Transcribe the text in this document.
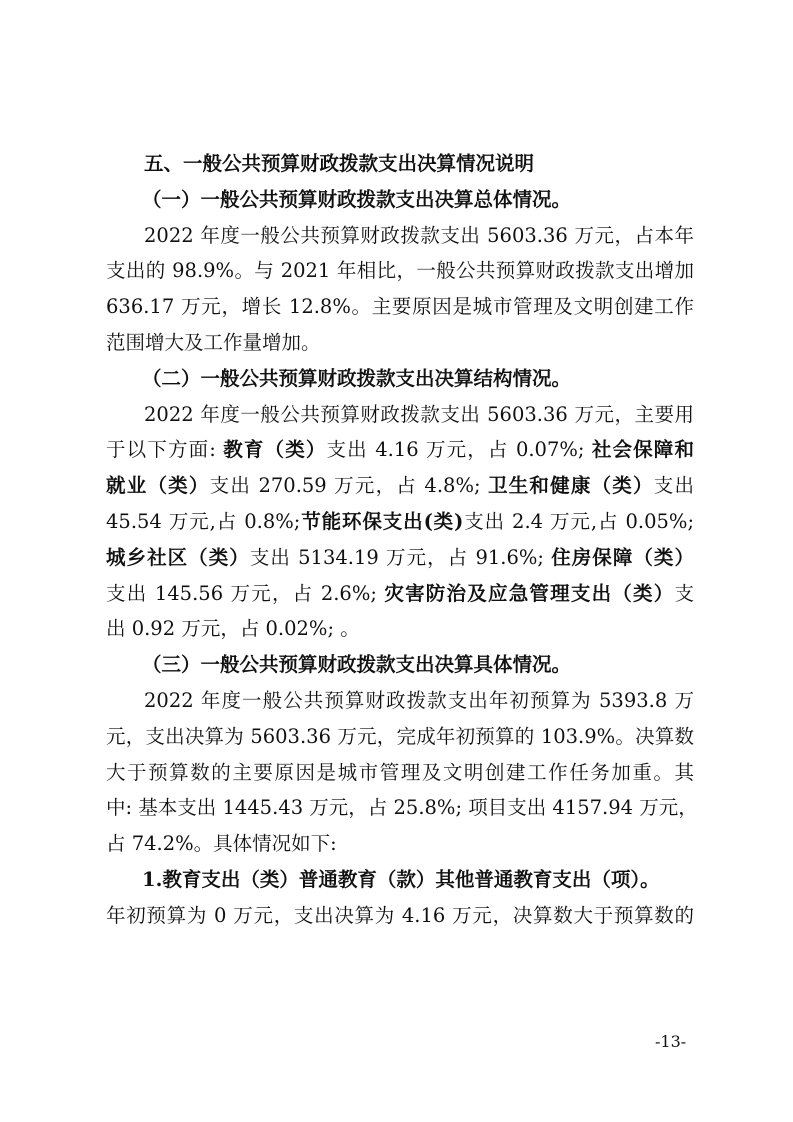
五、一般公共预算财政拨款支出决算情况说明
（一）一般公共预算财政拨款支出决算总体情况。
2022 年度一般公共预算财政拨款支出 5603.36 万元，占本年
支出的 98.9%。与 2021 年相比，一般公共预算财政拨款支出增加
636.17 万元，增长 12.8%。主要原因是城市管理及文明创建工作
范围增大及工作量增加。
（二）一般公共预算财政拨款支出决算结构情况。
2022 年度一般公共预算财政拨款支出 5603.36 万元，主要用
于以下方面: 教育（类）支出 4.16 万元，占 0.07%; 社会保障和
就业（类）支出 270.59 万元，占 4.8%; 卫生和健康（类）支出
45.54 万元,占 0.8%;节能环保支出(类)支出 2.4 万元,占 0.05%;
城乡社区（类）支出 5134.19 万元，占 91.6%; 住房保障（类）
支出 145.56 万元，占 2.6%; 灾害防治及应急管理支出（类）支
出 0.92 万元，占 0.02%; 。
（三）一般公共预算财政拨款支出决算具体情况。
2022 年度一般公共预算财政拨款支出年初预算为 5393.8 万
元，支出决算为 5603.36 万元，完成年初预算的 103.9%。决算数
大于预算数的主要原因是城市管理及文明创建工作任务加重。其
中: 基本支出 1445.43 万元，占 25.8%; 项目支出 4157.94 万元，
占 74.2%。具体情况如下:
1.教育支出（类）普通教育（款）其他普通教育支出（项）。
年初预算为 0 万元，支出决算为 4.16 万元，决算数大于预算数的
-13-
